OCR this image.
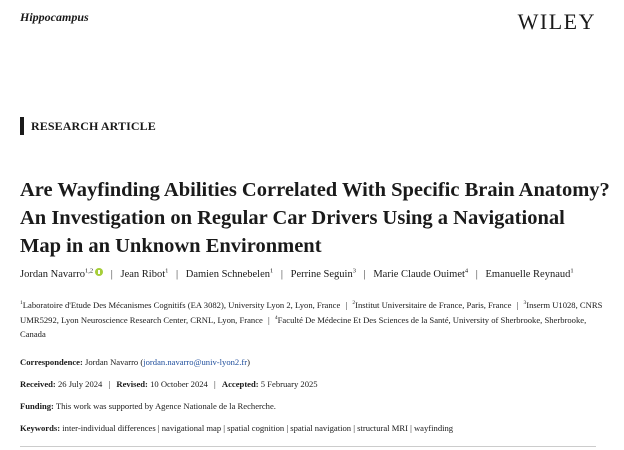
Hippocampus	WILEY
RESEARCH ARTICLE
Are Wayfinding Abilities Correlated With Specific Brain Anatomy? An Investigation on Regular Car Drivers Using a Navigational Map in an Unknown Environment
Jordan Navarro$^{1,2}$ | Jean Ribot$^1$ | Damien Schnebelen$^1$ | Perrine Seguin$^3$ | Marie Claude Ouimet$^4$ | Emanuelle Reynaud$^1$
$^1$Laboratoire d'Etude Des Mécanismes Cognitifs (EA 3082), University Lyon 2, Lyon, France | $^2$Institut Universitaire de France, Paris, France | $^3$Inserm U1028, CNRS UMR5292, Lyon Neuroscience Research Center, CRNL, Lyon, France | $^4$Faculté De Médecine Et Des Sciences de la Santé, University of Sherbrooke, Sherbrooke, Canada
Correspondence: Jordan Navarro (jordan.navarro@univ-lyon2.fr)
Received: 26 July 2024 | Revised: 10 October 2024 | Accepted: 5 February 2025
Funding: This work was supported by Agence Nationale de la Recherche.
Keywords: inter-individual differences | navigational map | spatial cognition | spatial navigation | structural MRI | wayfinding
